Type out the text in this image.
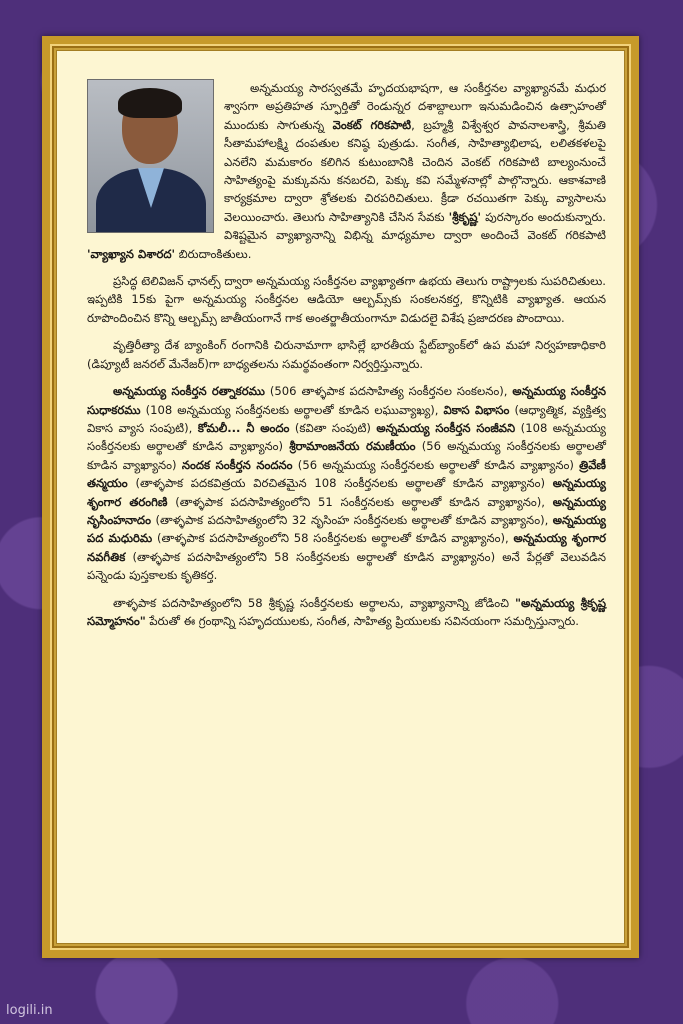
అన్నమయ్య సారస్వతమే హృదయభాషగా, ఆ సంకీర్తనల వ్యాఖ్యానమే మధుర శ్వాసగా అప్రతిహత స్ఫూర్తితో రెండున్నర దశాబ్దాలుగా ఇనుమడించిన ఉత్సాహంతో ముందుకు సాగుతున్న వెంకట్ గరికపాటి, బ్రహ్మశ్రీ విశ్వేశ్వర పావనాలశాస్త్రి, శ్రీమతి సీతామహాలక్ష్మి దంపతుల కనిష్ఠ పుత్రుడు. సంగీత, సాహిత్యాభిలాష, లలితకళలపై ఎనలేని మమకారం కలిగిన కుటుంబానికి చెందిన వెంకట్ గరికపాటి బాల్యంనుంచే సాహిత్యంపై మక్కువను కనబరచి, పెక్కు కవి సమ్మేళనాల్లో పాల్గొన్నారు. ఆకాశవాణి కార్యక్రమాల ద్వారా శ్రోతలకు చిరపరిచితులు. క్రీడా రచయితగా పెక్కు వ్యాసాలను వెలయించారు. తెలుగు సాహిత్యానికి చేసిన సేవకు 'శ్రీకృష్ణ' పురస్కారం అందుకున్నారు. విశిష్టమైన వ్యాఖ్యానాన్ని విభిన్న మాధ్యమాల ద్వారా అందించే వెంకట్ గరికపాటి 'వ్యాఖ్యాన విశారద' బిరుదాంకితులు.

ప్రసిద్ధ టెలివిజన్ ఛానల్స్ ద్వారా అన్నమయ్య సంకీర్తనల వ్యాఖ్యాతగా ఉభయ తెలుగు రాష్ట్రాలకు సుపరిచితులు. ఇప్పటికి 15కు పైగా అన్నమయ్య సంకీర్తనల ఆడియో ఆల్బమ్స్‌కు సంకలనకర్త, కొన్నిటికి వ్యాఖ్యాత. ఆయన రూపొందించిన కొన్ని ఆల్బమ్స్ జాతీయంగానే గాక అంతర్జాతీయంగానూ విడుదలై విశేష ప్రజాదరణ పొందాయి.

వృత్తిరీత్యా దేశ బ్యాంకింగ్ రంగానికి చిరునామాగా భాసిల్లే భారతీయ స్టేట్‌బ్యాంక్‌లో ఉప మహా నిర్వహణాధికారి (డిప్యూటీ జనరల్ మేనేజర్)గా బాధ్యతలను సమర్థవంతంగా నిర్వర్తిస్తున్నారు.

అన్నమయ్య సంకీర్తన రత్నాకరము (506 తాళ్ళపాక పదసాహిత్య సంకీర్తనల సంకలనం), అన్నమయ్య సంకీర్తన సుధాకరము (108 అన్నమయ్య సంకీర్తనలకు అర్థాలతో కూడిన లఘువ్యాఖ్య), వికాస విభాసం (ఆధ్యాత్మిక, వ్యక్తిత్వ వికాస వ్యాస సంపుటి), కోమలీ... నీ అందం (కవితా సంపుటి) అన్నమయ్య సంకీర్తన సంజీవని (108 అన్నమయ్య సంకీర్తనలకు అర్థాలతో కూడిన వ్యాఖ్యానం) శ్రీరామాంజనేయ రమణీయం (56 అన్నమయ్య సంకీర్తనలకు అర్థాలతో కూడిన వ్యాఖ్యానం) నందక సంకీర్తన నందనం (56 అన్నమయ్య సంకీర్తనలకు అర్థాలతో కూడిన వ్యాఖ్యానం) త్రివేణీ తన్మయం (తాళ్ళపాక పదకవిత్రయ విరచితమైన 108 సంకీర్తనలకు అర్థాలతో కూడిన వ్యాఖ్యానం) అన్నమయ్య శృంగార తరంగిణి (తాళ్ళపాక పదసాహిత్యంలోని 51 సంకీర్తనలకు అర్థాలతో కూడిన వ్యాఖ్యానం), అన్నమయ్య నృసింహనాదం (తాళ్ళపాక పదసాహిత్యంలోని 32 నృసింహ సంకీర్తనలకు అర్థాలతో కూడిన వ్యాఖ్యానం), అన్నమయ్య పద మధురిమ (తాళ్ళపాక పదసాహిత్యంలోని 58 సంకీర్తనలకు అర్థాలతో కూడిన వ్యాఖ్యానం), అన్నమయ్య శృంగార నవగీతిక (తాళ్ళపాక పదసాహిత్యంలోని 58 సంకీర్తనలకు అర్థాలతో కూడిన వ్యాఖ్యానం) అనే పేర్లతో వెలువడిన పన్నెండు పుస్తకాలకు కృతికర్త.

తాళ్ళపాక పదసాహిత్యంలోని 58 శ్రీకృష్ణ సంకీర్తనలకు అర్థాలను, వ్యాఖ్యానాన్ని జోడించి "అన్నమయ్య శ్రీకృష్ణ సమ్మోహనం" పేరుతో ఈ గ్రంథాన్ని సహృదయులకు, సంగీత, సాహిత్య ప్రియులకు సవినయంగా సమర్పిస్తున్నారు.

logili.in
